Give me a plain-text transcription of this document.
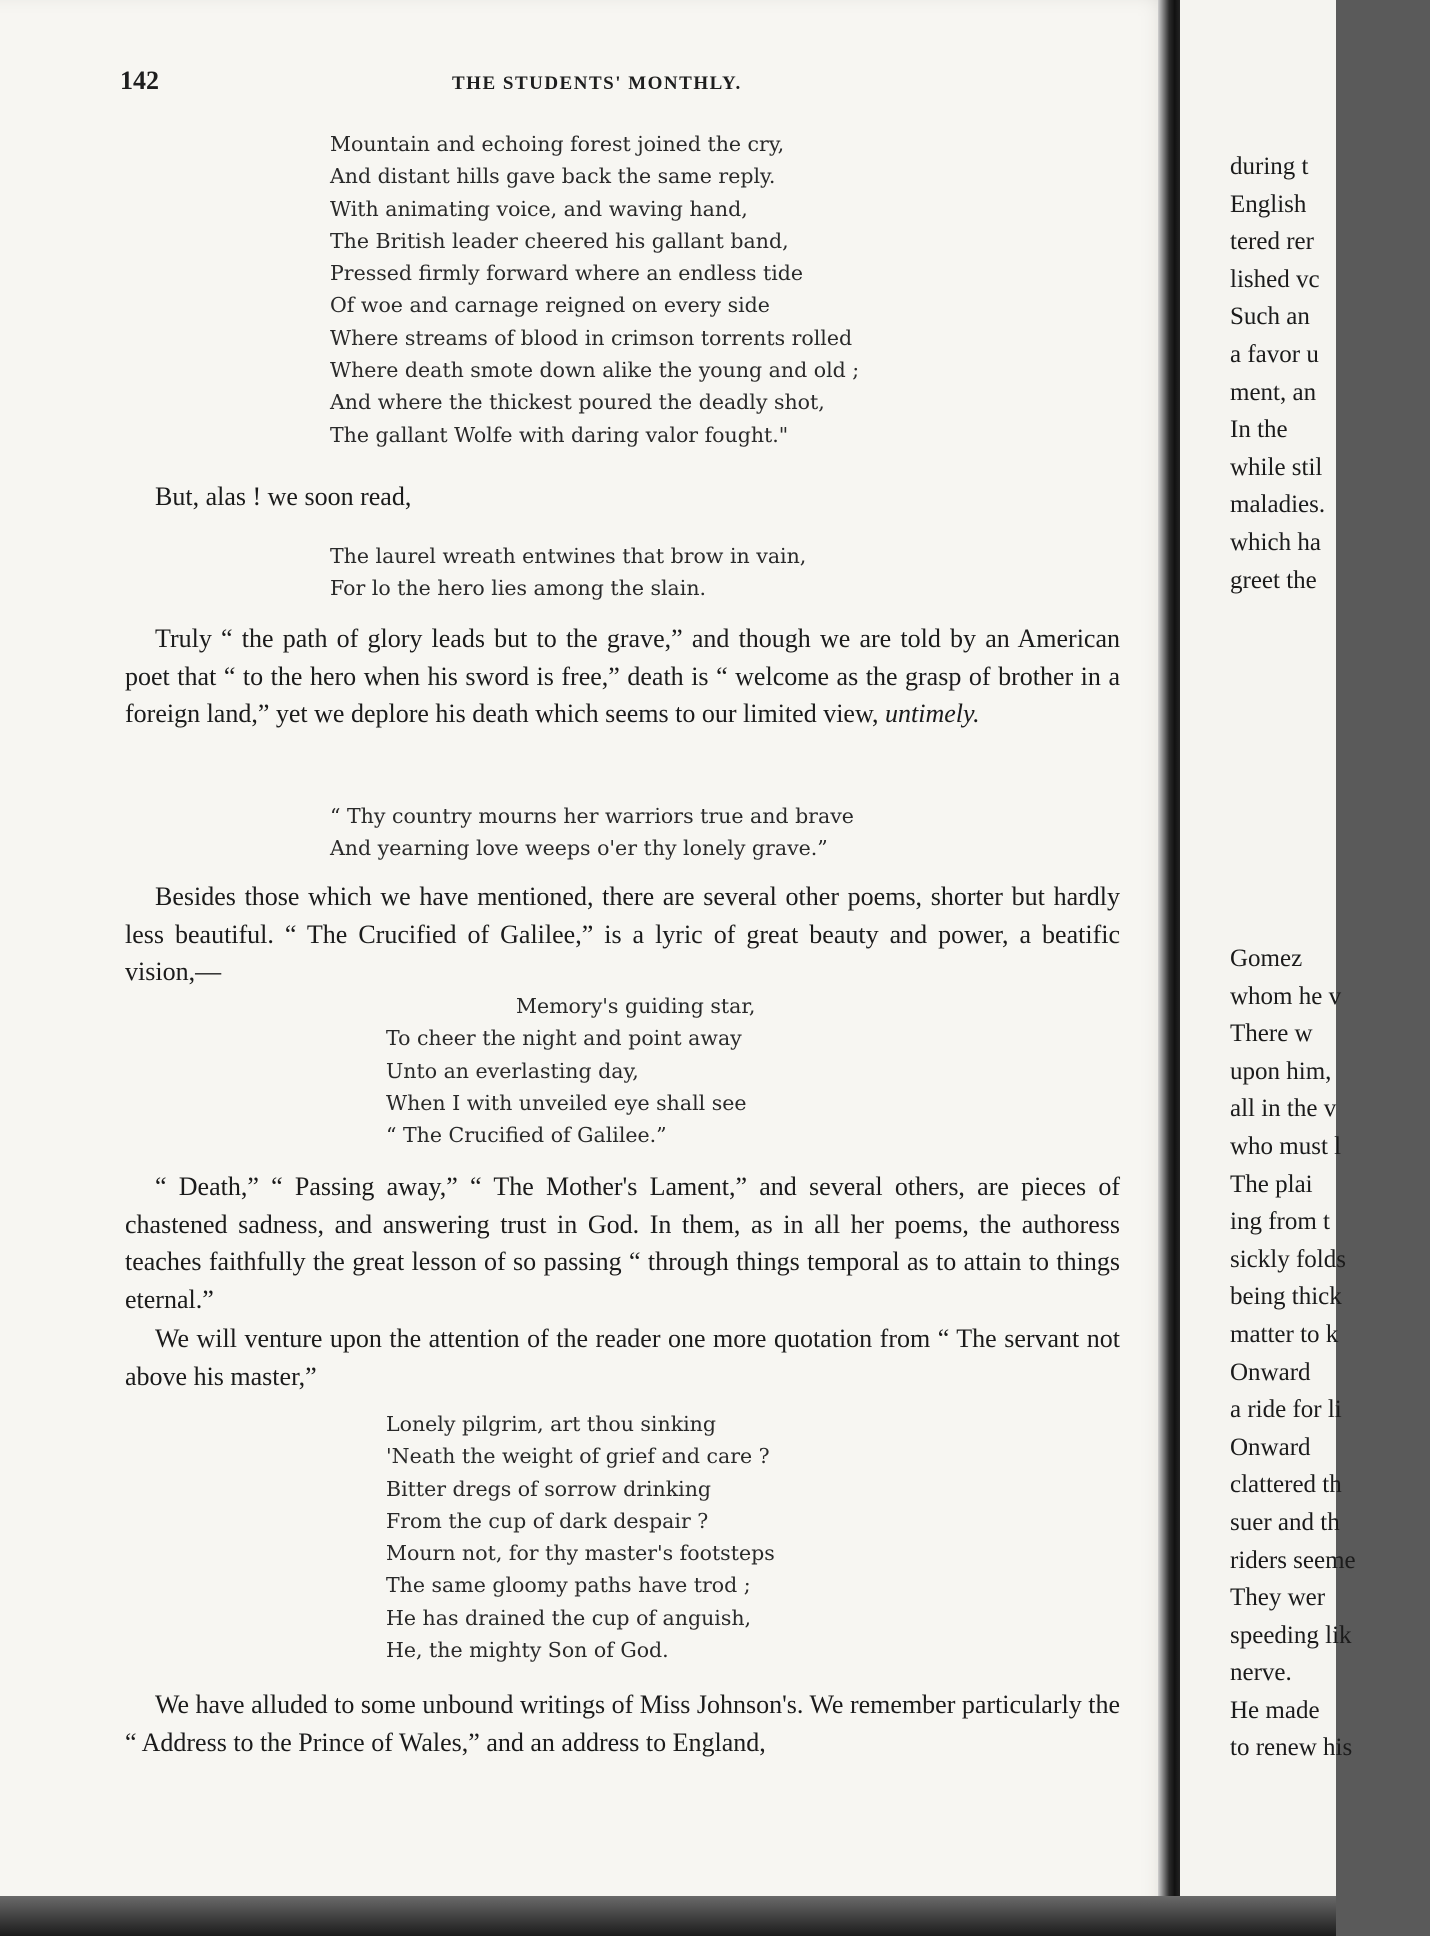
142	THE STUDENTS' MONTHLY.
Mountain and echoing forest joined the cry,
And distant hills gave back the same reply.
With animating voice, and waving hand,
The British leader cheered his gallant band,
Pressed firmly forward where an endless tide
Of woe and carnage reigned on every side
Where streams of blood in crimson torrents rolled
Where death smote down alike the young and old ;
And where the thickest poured the deadly shot,
The gallant Wolfe with daring valor fought."

But, alas ! we soon read,

The laurel wreath entwines that brow in vain,
For lo the hero lies among the slain.

Truly “ the path of glory leads but to the grave,” and though we are told by an American poet that “ to the hero when his sword is free,” death is “ welcome as the grasp of brother in a foreign land,” yet we deplore his death which seems to our limited view, untimely.

“ Thy country mourns her warriors true and brave
And yearning love weeps o'er thy lonely grave.”

Besides those which we have mentioned, there are several other poems, shorter but hardly less beautiful. “ The Crucified of Galilee,” is a lyric of great beauty and power, a beatific vision,—

Memory's guiding star,
To cheer the night and point away
Unto an everlasting day,
When I with unveiled eye shall see
“ The Crucified of Galilee.”

“ Death,” “ Passing away,” “ The Mother's Lament,” and several others, are pieces of chastened sadness, and answering trust in God. In them, as in all her poems, the authoress teaches faithfully the great lesson of so passing “ through things temporal as to attain to things eternal.”

We will venture upon the attention of the reader one more quotation from “ The servant not above his master,”

Lonely pilgrim, art thou sinking
'Neath the weight of grief and care ?
Bitter dregs of sorrow drinking
From the cup of dark despair ?
Mourn not, for thy master's footsteps
The same gloomy paths have trod ;
He has drained the cup of anguish,
He, the mighty Son of God.

We have alluded to some unbound writings of Miss Johnson's. We remember particularly the “ Address to the Prince of Wales,” and an address to England,

during t
English
tered rer
lished vc
Such an
a favor u
ment, an
In the
while stil
maladies.
which ha
greet the
Gomez
whom he v
There w
upon him,
all in the v
who must l
The plai
ing from t
sickly folds
being thick
matter to k
Onward
a ride for li
Onward
clattered th
suer and th
riders seeme
They wer
speeding lik
nerve.
He made
to renew his
